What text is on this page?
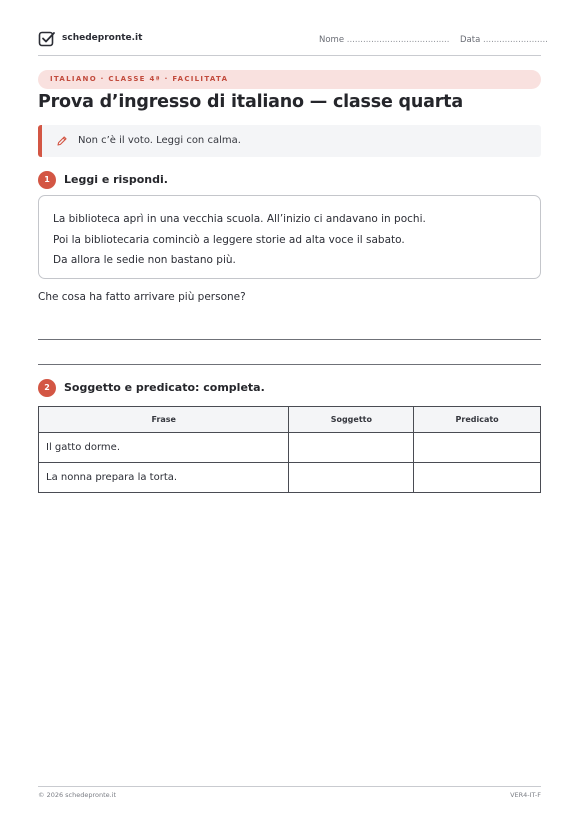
schedepronte.it	Nome ...................................... Data ........................
ITALIANO · CLASSE 4ª · FACILITATA
Prova d’ingresso di italiano — classe quarta
Non c’è il voto. Leggi con calma.
1	Leggi e rispondi.

La biblioteca aprì in una vecchia scuola. All’inizio ci andavano in pochi.

Poi la bibliotecaria cominciò a leggere storie ad alta voce il sabato.

Da allora le sedie non bastano più.

Che cosa ha fatto arrivare più persone?
2	Soggetto e predicato: completa.
Frase	Soggetto	Predicato
Il gatto dorme.		
La nonna prepara la torta.		
© 2026 schedepronte.it	VER4-IT-F
